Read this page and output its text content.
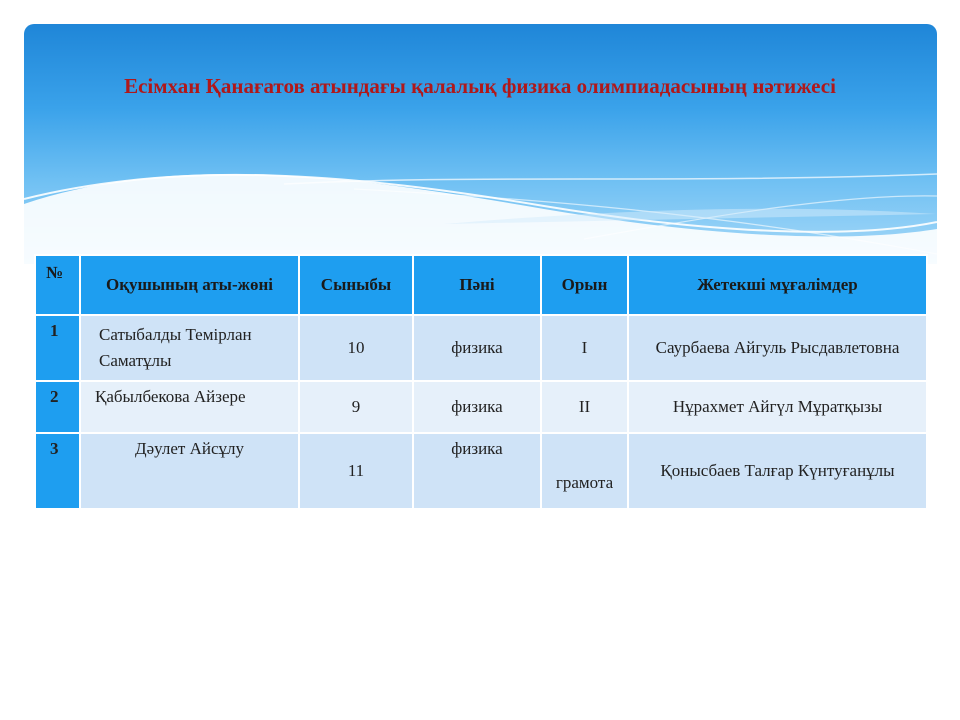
Есімхан Қанағатов атындағы қалалық физика олимпиадасының нәтижесі
№	Оқушының аты-жөні	Сыныбы	Пәні	Орын	Жетекші мұғалімдер
1	Сатыбалды Темірлан Саматұлы	10	физика	I	Саурбаева Айгуль Рысдавлетовна
2	Қабылбекова Айзере	9	физика	II	Нұрахмет Айгүл Мұратқызы
3	Дәулет Айсұлу	11	физика	грамота	Қонысбаев Талғар Күнтуғанұлы
